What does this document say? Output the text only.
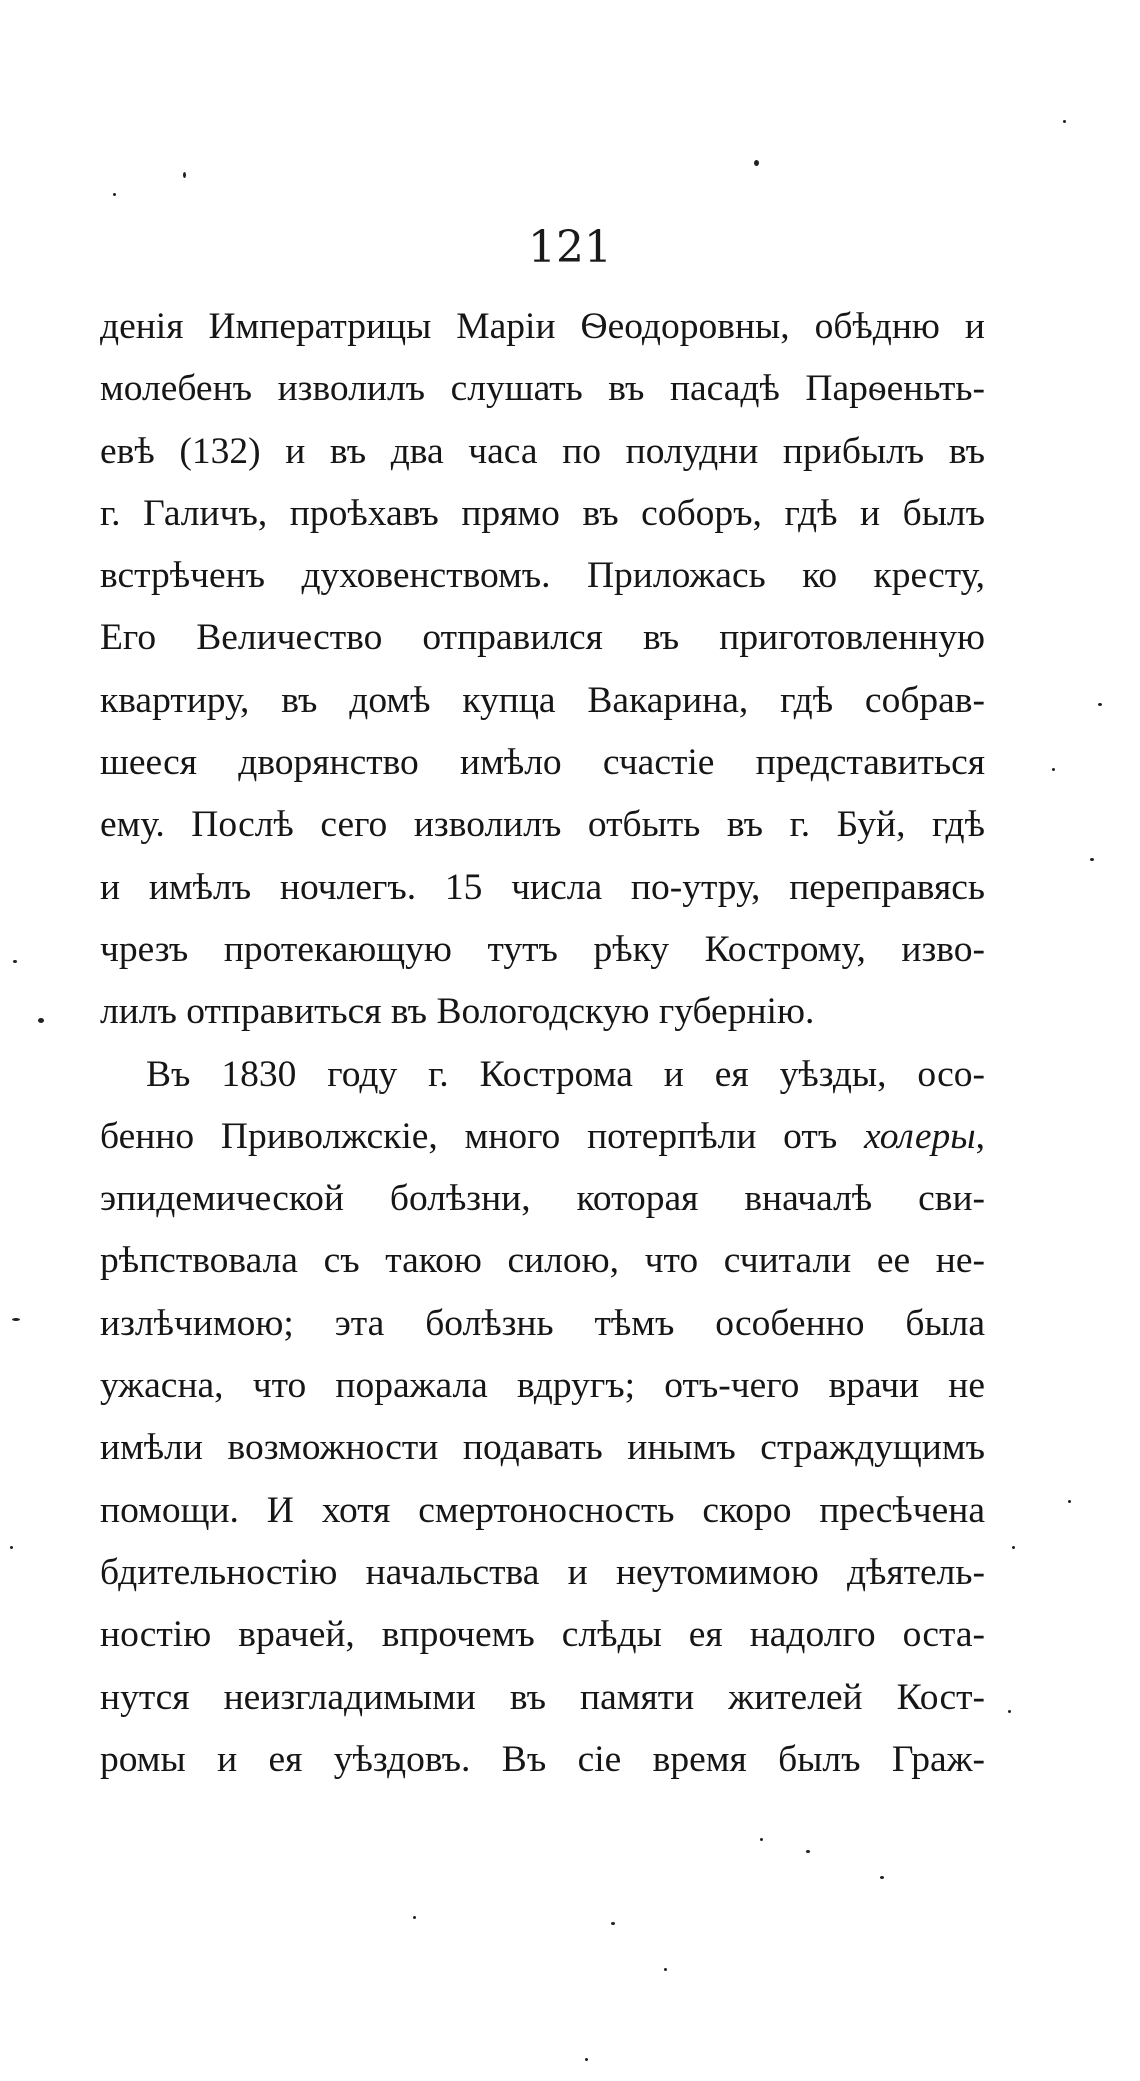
121
денія Императрицы Маріи Ѳеодоровны, обѣдню и
молебенъ изволилъ слушать въ пасадѣ Парѳеньть-
евѣ (132) и въ два часа по полудни прибылъ въ
г. Галичъ, проѣхавъ прямо въ соборъ, гдѣ и былъ
встрѣченъ духовенствомъ. Приложась ко кресту,
Его Величество отправился въ приготовленную
квартиру, въ домѣ купца Вакарина, гдѣ собрав-
шееся дворянство имѣло счастіе представиться
ему. Послѣ сего изволилъ отбыть въ г. Буй, гдѣ
и имѣлъ ночлегъ. 15 числа по-утру, переправясь
чрезъ протекающую тутъ рѣку Кострому, изво-
лилъ отправиться въ Вологодскую губернію.
Въ 1830 году г. Кострома и ея уѣзды, осо-
бенно Приволжскіе, много потерпѣли отъ холеры,
эпидемической болѣзни, которая вначалѣ сви-
рѣпствовала съ такою силою, что считали ее не-
излѣчимою; эта болѣзнь тѣмъ особенно была
ужасна, что поражала вдругъ; отъ-чего врачи не
имѣли возможности подавать инымъ страждущимъ
помощи. И хотя смертоносность скоро пресѣчена
бдительностію начальства и неутомимою дѣятель-
ностію врачей, впрочемъ слѣды ея надолго оста-
нутся неизгладимыми въ памяти жителей Кост-
ромы и ея уѣздовъ. Въ сіе время былъ Граж-
